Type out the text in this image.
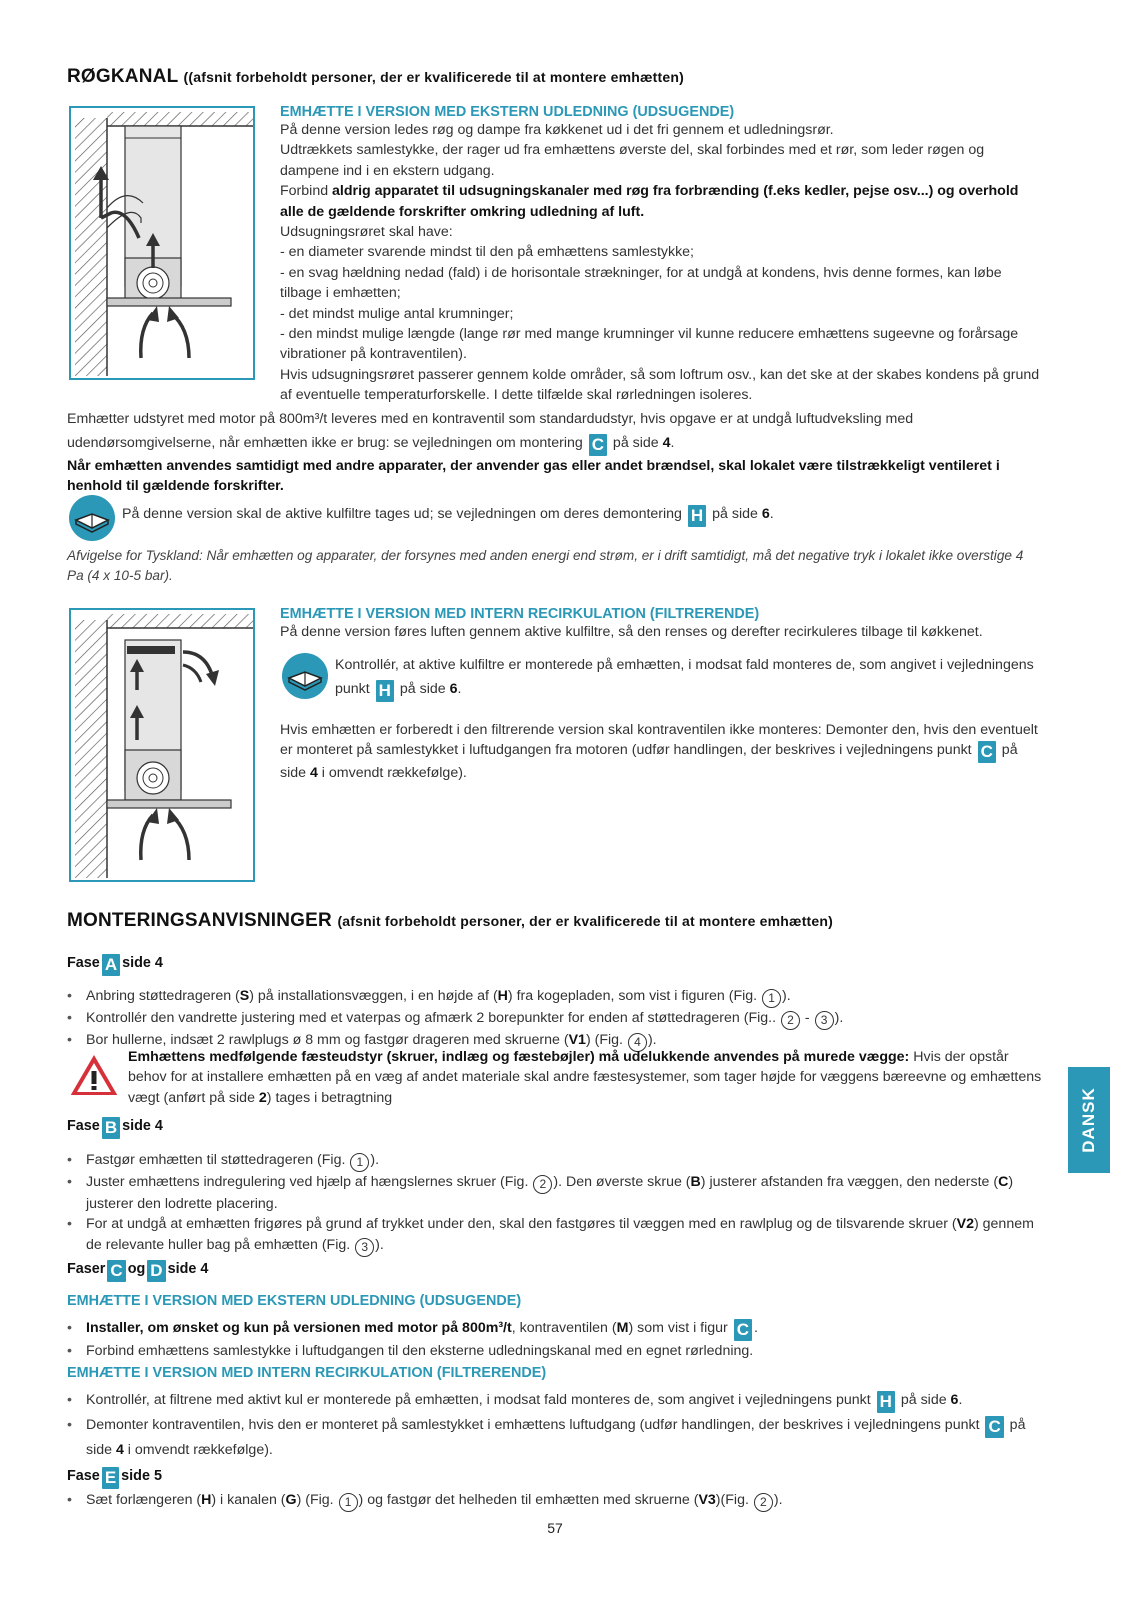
RØGKANAL ((afsnit forbeholdt personer, der er kvalificerede til at montere emhætten)
EMHÆTTE I VERSION MED EKSTERN UDLEDNING (UDSUGENDE)

På denne version ledes røg og dampe fra køkkenet ud i det fri gennem et udledningsrør.

Udtrækkets samlestykke, der rager ud fra emhættens øverste del, skal forbindes med et rør, som leder røgen og dampene ind i en ekstern udgang.

Forbind aldrig apparatet til udsugningskanaler med røg fra forbrænding (f.eks kedler, pejse osv...) og overhold alle de gældende forskrifter omkring udledning af luft.

Udsugningsrøret skal have:

- en diameter svarende mindst til den på emhættens samlestykke;

- en svag hældning nedad (fald) i de horisontale strækninger, for at undgå at kondens, hvis denne formes, kan løbe tilbage i emhætten;

- det mindst mulige antal krumninger;

- den mindst mulige længde (lange rør med mange krumninger vil kunne reducere emhættens sugeevne og forårsage vibrationer på kontraventilen).

Hvis udsugningsrøret passerer gennem kolde områder, så som loftrum osv., kan det ske at der skabes kondens på grund af eventuelle temperaturforskelle. I dette tilfælde skal rørledningen isoleres.

Emhætter udstyret med motor på 800m³/t leveres med en kontraventil som standardudstyr, hvis opgave er at undgå luftudveksling med udendørsomgivelserne, når emhætten ikke er brug: se vejledningen om montering C på side 4.

Når emhætten anvendes samtidigt med andre apparater, der anvender gas eller andet brændsel, skal lokalet være tilstrækkeligt ventileret i henhold til gældende forskrifter.

På denne version skal de aktive kulfiltre tages ud; se vejledningen om deres demontering H på side 6.
Afvigelse for Tyskland: Når emhætten og apparater, der forsynes med anden energi end strøm, er i drift samtidigt, må det negative tryk i lokalet ikke overstige 4 Pa (4 x 10-5 bar).
EMHÆTTE I VERSION MED INTERN RECIRKULATION (FILTRERENDE)

På denne version føres luften gennem aktive kulfiltre, så den renses og derefter recirkuleres tilbage til køkkenet.

Kontrollér, at aktive kulfiltre er monterede på emhætten, i modsat fald monteres de, som angivet i vejledningens punkt H på side 6.
Hvis emhætten er forberedt i den filtrerende version skal kontraventilen ikke monteres: Demonter den, hvis den eventuelt er monteret på samlestykket i luftudgangen fra motoren (udfør handlingen, der beskrives i vejledningens punkt C på side 4 i omvendt rækkefølge).
MONTERINGSANVISNINGER (afsnit forbeholdt personer, der er kvalificerede til at montere emhætten)
Fase A side 4
• Anbring støttedrageren (S) på installationsvæggen, i en højde af (H) fra kogepladen, som vist i figuren (Fig. 1 ).
• Kontrollér den vandrette justering med et vaterpas og afmærk 2 borepunkter for enden af støttedrageren (Fig.. 2 - 3 ).
• Bor hullerne, indsæt 2 rawlplugs ø 8 mm og fastgør drageren med skruerne (V1) (Fig. 4 ).
Emhættens medfølgende fæsteudstyr (skruer, indlæg og fæstebøjler) må udelukkende anvendes på murede vægge: Hvis der opstår behov for at installere emhætten på en væg af andet materiale skal andre fæstesystemer, som tager højde for væggens bæreevne og emhættens vægt (anført på side 2) tages i betragtning
Fase B side 4
• Fastgør emhætten til støttedrageren (Fig. 1 ).
• Juster emhættens indregulering ved hjælp af hængslernes skruer (Fig. 2 ). Den øverste skrue (B) justerer afstanden fra væggen, den nederste (C) justerer den lodrette placering.
• For at undgå at emhætten frigøres på grund af trykket under den, skal den fastgøres til væggen med en rawlplug og de tilsvarende skruer (V2) gennem de relevante huller bag på emhætten (Fig. 3 ).
Faser C og D side 4
EMHÆTTE I VERSION MED EKSTERN UDLEDNING (UDSUGENDE)
• Installer, om ønsket og kun på versionen med motor på 800m³/t, kontraventilen (M) som vist i figur C .
• Forbind emhættens samlestykke i luftudgangen til den eksterne udledningskanal med en egnet rørledning.
EMHÆTTE I VERSION MED INTERN RECIRKULATION (FILTRERENDE)
• Kontrollér, at filtrene med aktivt kul er monterede på emhætten, i modsat fald monteres de, som angivet i vejledningens punkt H på side 6.
• Demonter kontraventilen, hvis den er monteret på samlestykket i emhættens luftudgang (udfør handlingen, der beskrives i vejledningens punkt C på side 4 i omvendt rækkefølge).
Fase E side 5
• Sæt forlængeren (H) i kanalen (G) (Fig. 1 ) og fastgør det helheden til emhætten med skruerne (V3)(Fig. 2 ).
DANSK
57
